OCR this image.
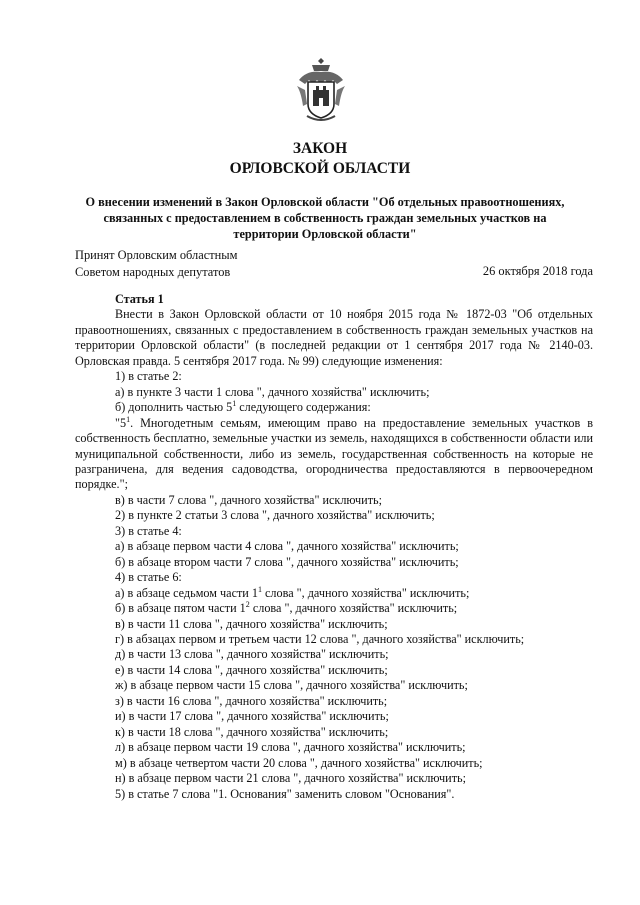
ЗАКОН
ОРЛОВСКОЙ ОБЛАСТИ
О внесении изменений в Закон Орловской области "Об отдельных правоотношениях, связанных с предоставлением в собственность граждан земельных участков на территории Орловской области"
Принят Орловским областным
Советом народных депутатов	26 октября 2018 года
Статья 1
Внести в Закон Орловской области от 10 ноября 2015 года № 1872-03 "Об отдельных правоотношениях, связанных с предоставлением в собственность граждан земельных участков на территории Орловской области" (в последней редакции от 1 сентября 2017 года № 2140-03. Орловская правда. 5 сентября 2017 года. № 99) следующие изменения:
1) в статье 2:
а) в пункте 3 части 1 слова ", дачного хозяйства" исключить;
б) дополнить частью $5^1$ следующего содержания:
"$5^1$. Многодетным семьям, имеющим право на предоставление земельных участков в собственность бесплатно, земельные участки из земель, находящихся в собственности области или муниципальной собственности, либо из земель, государственная собственность на которые не разграничена, для ведения садоводства, огородничества предоставляются в первоочередном порядке.";
в) в части 7 слова ", дачного хозяйства" исключить;
2) в пункте 2 статьи 3 слова ", дачного хозяйства" исключить;
3) в статье 4:
а) в абзаце первом части 4 слова ", дачного хозяйства" исключить;
б) в абзаце втором части 7 слова ", дачного хозяйства" исключить;
4) в статье 6:
а) в абзаце седьмом части $1^1$ слова ", дачного хозяйства" исключить;
б) в абзаце пятом части $1^2$ слова ", дачного хозяйства" исключить;
в) в части 11 слова ", дачного хозяйства" исключить;
г) в абзацах первом и третьем части 12 слова ", дачного хозяйства" исключить;
д) в части 13 слова ", дачного хозяйства" исключить;
е) в части 14 слова ", дачного хозяйства" исключить;
ж) в абзаце первом части 15 слова ", дачного хозяйства" исключить;
з) в части 16 слова ", дачного хозяйства" исключить;
и) в части 17 слова ", дачного хозяйства" исключить;
к) в части 18 слова ", дачного хозяйства" исключить;
л) в абзаце первом части 19 слова ", дачного хозяйства" исключить;
м) в абзаце четвертом части 20 слова ", дачного хозяйства" исключить;
н) в абзаце первом части 21 слова ", дачного хозяйства" исключить;
5) в статье 7 слова "1. Основания" заменить словом "Основания".
